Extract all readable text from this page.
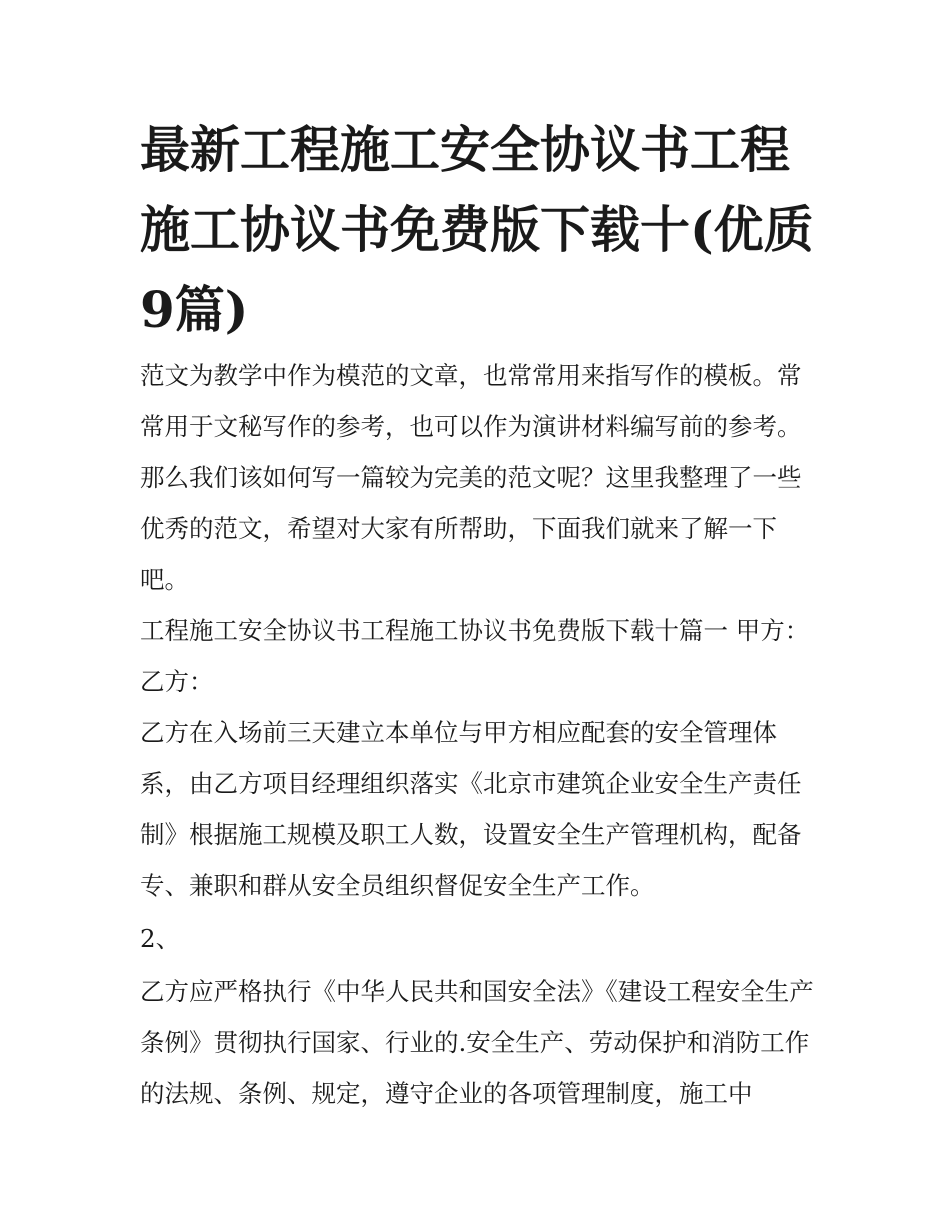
最新工程施工安全协议书工程施工协议书免费版下载十(优质9篇)

范文为教学中作为模范的文章，也常常用来指写作的模板。常常用于文秘写作的参考，也可以作为演讲材料编写前的参考。那么我们该如何写一篇较为完美的范文呢？这里我整理了一些优秀的范文，希望对大家有所帮助，下面我们就来了解一下吧。

工程施工安全协议书工程施工协议书免费版下载十篇一 甲方： 乙方：

乙方在入场前三天建立本单位与甲方相应配套的安全管理体系，由乙方项目经理组织落实《北京市建筑企业安全生产责任制》根据施工规模及职工人数，设置安全生产管理机构，配备专、兼职和群从安全员组织督促安全生产工作。

2、

乙方应严格执行《中华人民共和国安全法》《建设工程安全生产条例》贯彻执行国家、行业的.安全生产、劳动保护和消防工作的法规、条例、规定，遵守企业的各项管理制度，施工中
